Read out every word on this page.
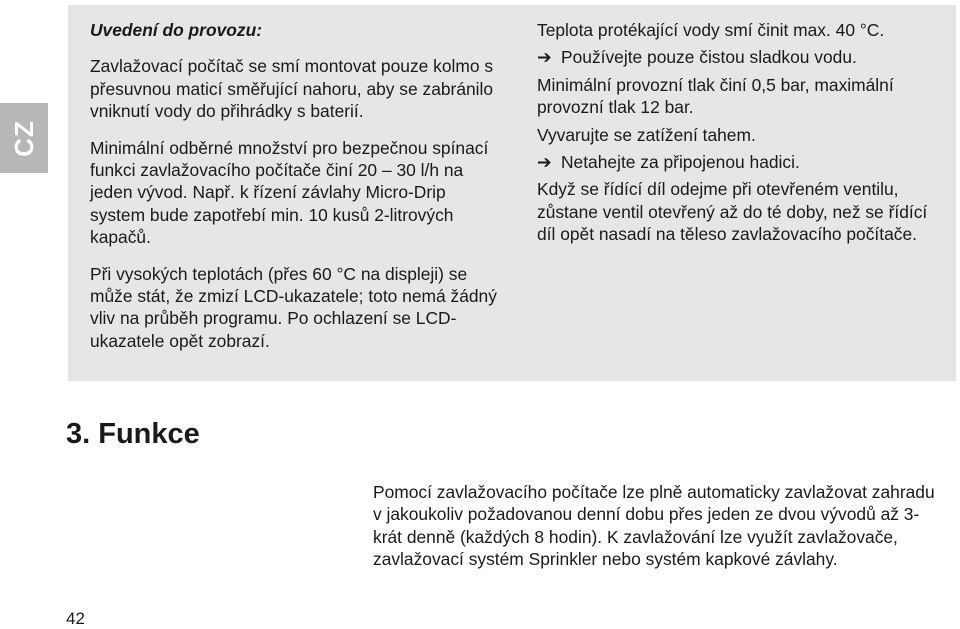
CZ

Uvedení do provozu:

Zavlažovací počítač se smí montovat pouze kolmo s přesuvnou maticí směřující nahoru, aby se zabránilo vniknutí vody do přihrádky s baterií.

Minimální odběrné množství pro bezpečnou spínací funkci zavlažovacího počítače činí 20 – 30 l/h na jeden vývod. Např. k řízení závlahy Micro-Drip system bude zapotřebí min. 10 kusů 2-litrových kapačů.

Při vysokých teplotách (přes 60 °C na displeji) se může stát, že zmizí LCD-ukazatele; toto nemá žádný vliv na průběh programu. Po ochlazení se LCD-ukazatele opět zobrazí.

Teplota protékající vody smí činit max. 40 °C.

➔ Používejte pouze čistou sladkou vodu.

Minimální provozní tlak činí 0,5 bar, maximální provozní tlak 12 bar.

Vyvarujte se zatížení tahem.

➔ Netahejte za připojenou hadici.

Když se řídící díl odejme při otevřeném ventilu, zůstane ventil otevřený až do té doby, než se řídící díl opět nasadí na těleso zavlažovacího počítače.

3. Funkce

Pomocí zavlažovacího počítače lze plně automaticky zavlažovat zahradu v jakoukoliv požadovanou denní dobu přes jeden ze dvou vývodů až 3-krát denně (každých 8 hodin). K zavlažování lze využít zavlažovače, zavlažovací systém Sprinkler nebo systém kapkové závlahy.

42
